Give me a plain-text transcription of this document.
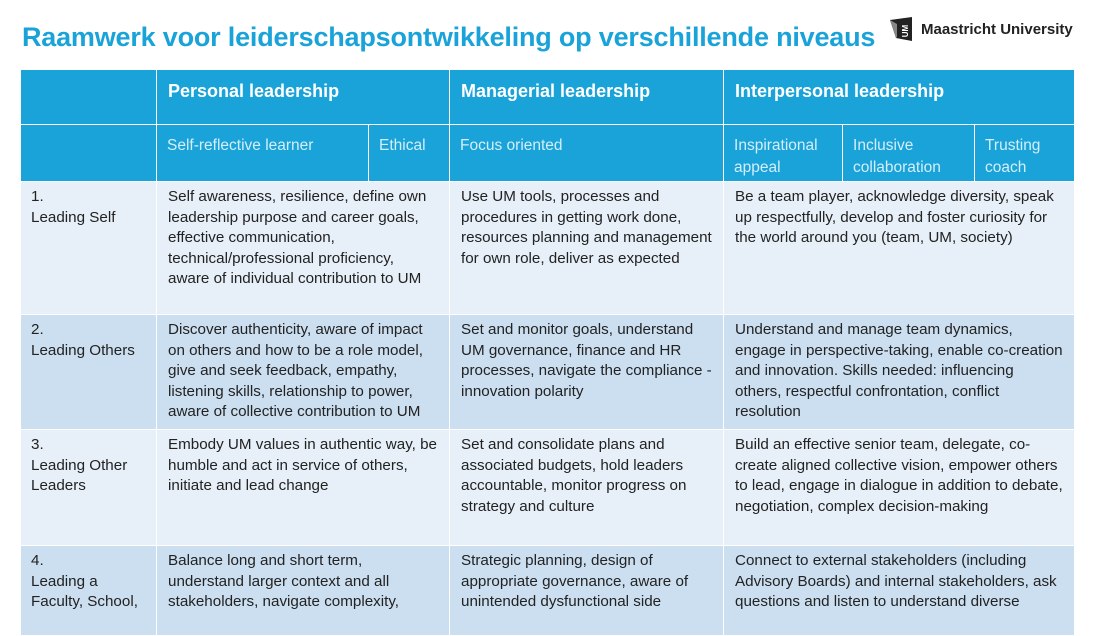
Raamwerk voor leiderschapsontwikkeling op verschillende niveaus	UM Maastricht University

	Personal leadership		Managerial leadership	Interpersonal leadership		

	Self-reflective learner	Ethical	Focus oriented	Inspirational appeal	Inclusive collaboration	Trusting coach

1.
Leading Self	Self awareness, resilience, define own leadership purpose and career goals, effective communication, technical/professional proficiency, aware of individual contribution to UM		Use UM tools, processes and procedures in getting work done, resources planning and management for own role, deliver as expected	Be a team player, acknowledge diversity, speak up respectfully, develop and foster curiosity for the world around you (team, UM, society)		

2.
Leading Others	Discover authenticity, aware of impact on others and how to be a role model, give and seek feedback, empathy, listening skills, relationship to power, aware of collective contribution to UM		Set and monitor goals, understand UM governance, finance and HR processes, navigate the compliance - innovation polarity	Understand and manage team dynamics, engage in perspective-taking, enable co-creation and innovation. Skills needed: influencing others, respectful confrontation, conflict resolution		

3.
Leading Other Leaders	Embody UM values in authentic way, be humble and act in service of others, initiate and lead change		Set and consolidate plans and associated budgets, hold leaders accountable, monitor progress on strategy and culture	Build an effective senior team, delegate, co-create aligned collective vision, empower others to lead, engage in dialogue in addition to debate, negotiation, complex decision-making		

4.
Leading a Faculty, School,	Balance long and short term, understand larger context and all stakeholders, navigate complexity,		Strategic planning, design of appropriate governance, aware of unintended dysfunctional side	Connect to external stakeholders (including Advisory Boards) and internal stakeholders, ask questions and listen to understand diverse		
